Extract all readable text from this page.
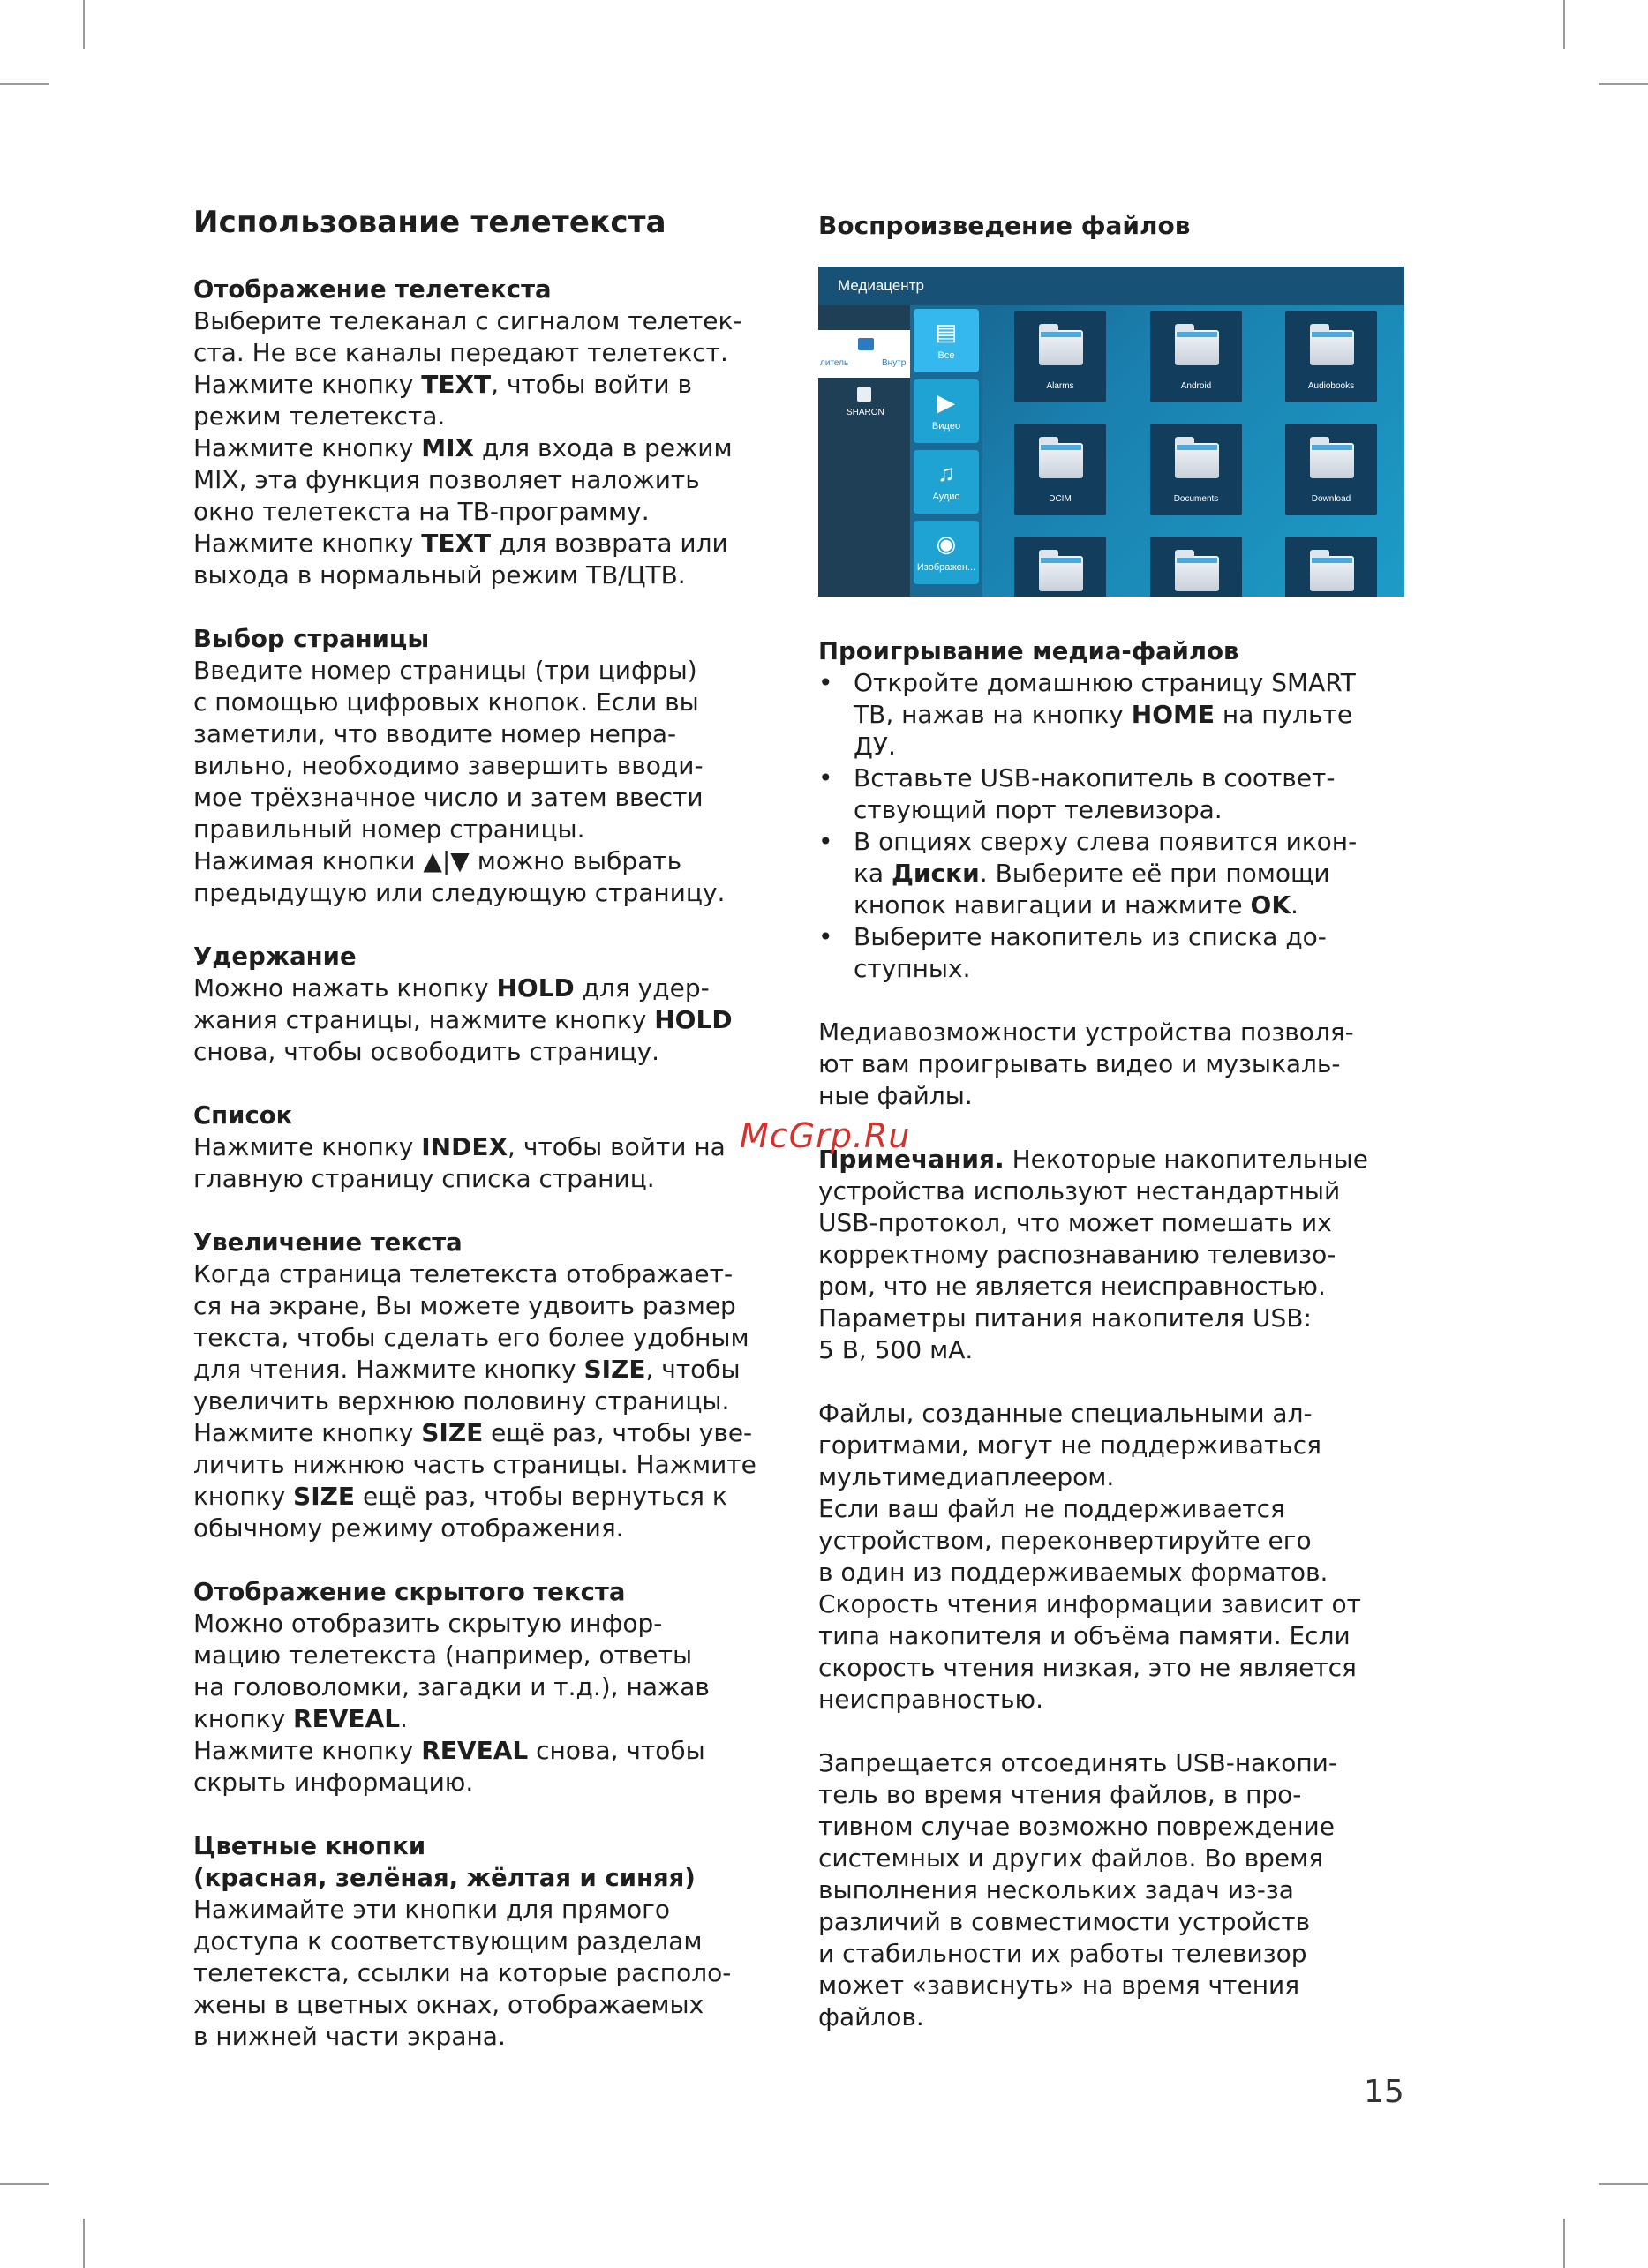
Использование телетекста
Отображение телетекста
Выберите телеканал с сигналом телетек-
ста. Не все каналы передают телетекст.
Нажмите кнопку TEXT, чтобы войти в
режим телетекста.
Нажмите кнопку MIX для входа в режим
MIX, эта функция позволяет наложить
окно телетекста на ТВ-программу.
Нажмите кнопку TEXT для возврата или
выхода в нормальный режим ТВ/ЦТВ.
Выбор страницы
Введите номер страницы (три цифры)
с помощью цифровых кнопок. Если вы
заметили, что вводите номер непра-
вильно, необходимо завершить вводи-
мое трёхзначное число и затем ввести
правильный номер страницы.
Нажимая кнопки ▲|▼ можно выбрать
предыдущую или следующую страницу.
Удержание
Можно нажать кнопку HOLD для удер-
жания страницы, нажмите кнопку HOLD
снова, чтобы освободить страницу.
Список
Нажмите кнопку INDEX, чтобы войти на
главную страницу списка страниц.
Увеличение текста
Когда страница телетекста отображает-
ся на экране, Вы можете удвоить размер
текста, чтобы сделать его более удобным
для чтения. Нажмите кнопку SIZE, чтобы
увеличить верхнюю половину страницы.
Нажмите кнопку SIZE ещё раз, чтобы уве-
личить нижнюю часть страницы. Нажмите
кнопку SIZE ещё раз, чтобы вернуться к
обычному режиму отображения.
Отображение скрытого текста
Можно отобразить скрытую инфор-
мацию телетекста (например, ответы
на головоломки, загадки и т.д.), нажав
кнопку REVEAL.
Нажмите кнопку REVEAL снова, чтобы
скрыть информацию.
Цветные кнопки
(красная, зелёная, жёлтая и синяя)
Нажимайте эти кнопки для прямого
доступа к соответствующим разделам
телетекста, ссылки на которые располо-
жены в цветных окнах, отображаемых
в нижней части экрана.
Воспроизведение файлов
Медиацентр
литель	Внутр
SHARON
▤
Все
▶
Видео
♫
Аудио
◉
Изображен...
Alarms	Android	Audiobooks
DCIM	Documents	Download
Проигрывание медиа-файлов
• Откройте домашнюю страницу SMART
ТВ, нажав на кнопку HOME на пульте
ДУ.
• Вставьте USB-накопитель в соответ-
ствующий порт телевизора.
• В опциях сверху слева появится икон-
ка Диски. Выберите её при помощи
кнопок навигации и нажмите OK.
• Выберите накопитель из списка до-
ступных.
Медиавозможности устройства позволя-
ют вам проигрывать видео и музыкаль-
ные файлы.
Примечания. Некоторые накопительные
устройства используют нестандартный
USB-протокол, что может помешать их
корректному распознаванию телевизо-
ром, что не является неисправностью.
Параметры питания накопителя USB:
5 В, 500 мА.
Файлы, созданные специальными ал-
горитмами, могут не поддерживаться
мультимедиаплеером.
Если ваш файл не поддерживается
устройством, переконвертируйте его
в один из поддерживаемых форматов.
Скорость чтения информации зависит от
типа накопителя и объёма памяти. Если
скорость чтения низкая, это не является
неисправностью.
Запрещается отсоединять USB-накопи-
тель во время чтения файлов, в про-
тивном случае возможно повреждение
системных и других файлов. Во время
выполнения нескольких задач из-за
различий в совместимости устройств
и стабильности их работы телевизор
может «зависнуть» на время чтения
файлов.
McGrp.Ru
15
